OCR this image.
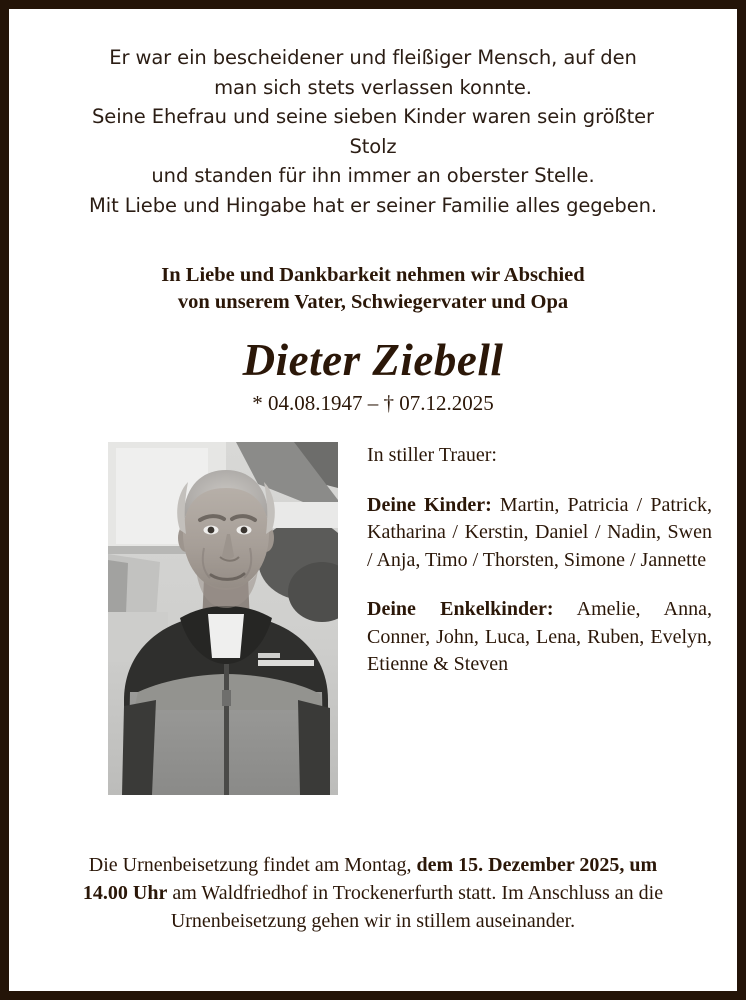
Er war ein bescheidener und fleißiger Mensch, auf den
man sich stets verlassen konnte.
Seine Ehefrau und seine sieben Kinder waren sein größter
Stolz
und standen für ihn immer an oberster Stelle.
Mit Liebe und Hingabe hat er seiner Familie alles gegeben.
In Liebe und Dankbarkeit nehmen wir Abschied
von unserem Vater, Schwiegervater und Opa
Dieter Ziebell
* 04.08.1947 – † 07.12.2025

In stiller Trauer:

Deine Kinder: Martin, Patricia / Patrick, Katharina / Kerstin, Daniel / Nadin, Swen / Anja, Timo / Thorsten, Simone / Jannette

Deine Enkelkinder: Amelie, Anna, Conner, John, Luca, Lena, Ruben, Evelyn, Etienne & Steven

Die Urnenbeisetzung findet am Montag, dem 15. Dezember 2025, um 14.00 Uhr am Waldfriedhof in Trockenerfurth statt. Im Anschluss an die Urnenbeisetzung gehen wir in stillem auseinander.
